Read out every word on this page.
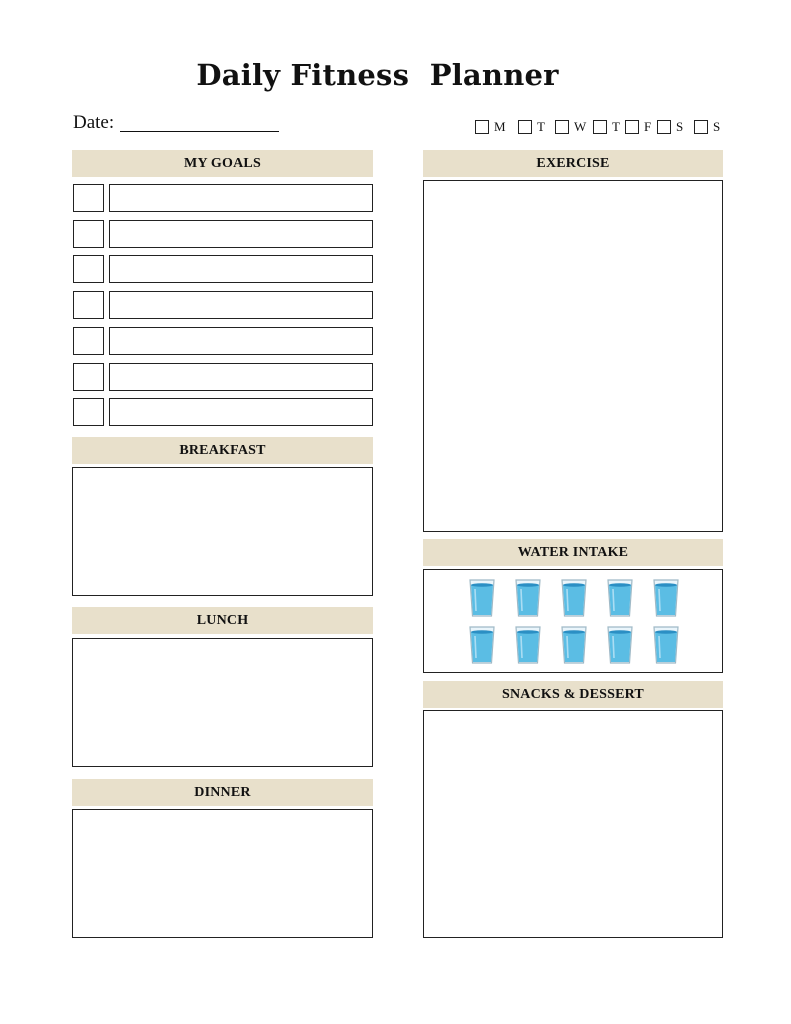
Daily Fitness  Planner
Date:	M T W T F S S
MY GOALS
BREAKFAST
LUNCH
DINNER
EXERCISE
WATER INTAKE
SNACKS & DESSERT
